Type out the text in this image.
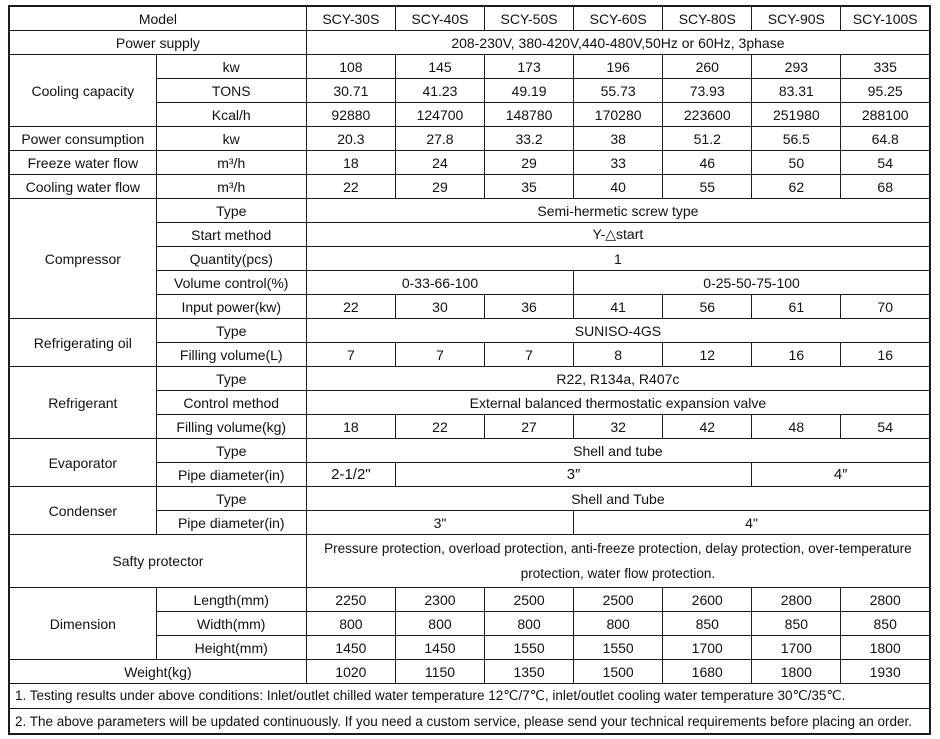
Model		SCY-30S	SCY-40S	SCY-50S	SCY-60S	SCY-80S	SCY-90S	SCY-100S
Power supply		208-230V, 380-420V,440-480V,50Hz or 60Hz, 3phase						
Cooling capacity	kw	108	145	173	196	260	293	335
	TONS	30.71	41.23	49.19	55.73	73.93	83.31	95.25
	Kcal/h	92880	124700	148780	170280	223600	251980	288100
Power consumption	kw	20.3	27.8	33.2	38	51.2	56.5	64.8
Freeze water flow	m³/h	18	24	29	33	46	50	54
Cooling water flow	m³/h	22	29	35	40	55	62	68
Compressor	Type	Semi-hermetic screw type						
	Start method	Y-△start						
	Quantity(pcs)	1						
	Volume control(%)	0-33-66-100			0-25-50-75-100			
	Input power(kw)	22	30	36	41	56	61	70
Refrigerating oil	Type	SUNISO-4GS						
	Filling volume(L)	7	7	7	8	12	16	16
Refrigerant	Type	R22, R134a, R407c						
	Control method	External balanced thermostatic expansion valve						
	Filling volume(kg)	18	22	27	32	42	48	54
Evaporator	Type	Shell and tube						
	Pipe diameter(in)	2-1/2"	3″				4″	
Condenser	Type	Shell and Tube						
	Pipe diameter(in)	3"			4"			
Safty protector		Pressure protection, overload protection, anti-freeze protection, delay protection, over-temperature
protection, water flow protection.						

Dimension	Length(mm)	2250	2300	2500	2500	2600	2800	2800
	Width(mm)	800	800	800	800	850	850	850
	Height(mm)	1450	1450	1550	1550	1700	1700	1800
Weight(kg)		1020	1150	1350	1500	1680	1800	1930
1. Testing results under above conditions: Inlet/outlet chilled water temperature 12℃/7℃, inlet/outlet cooling water temperature 30℃/35℃.								
2. The above parameters will be updated continuously. If you need a custom service, please send your technical requirements before placing an order.								
